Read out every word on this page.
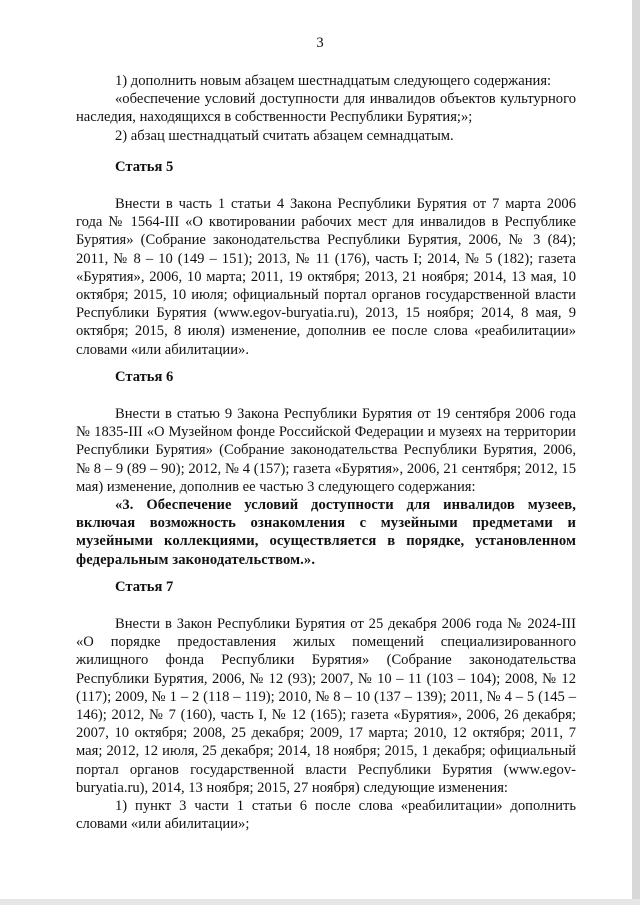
3

1) дополнить новым абзацем шестнадцатым следующего содержания:

«обеспечение условий доступности для инвалидов объектов культурного наследия, находящихся в собственности Республики Бурятия;»;

2) абзац шестнадцатый считать абзацем семнадцатым.

Статья 5

Внести в часть 1 статьи 4 Закона Республики Бурятия от 7 марта 2006 года № 1564-III «О квотировании рабочих мест для инвалидов в Республике Бурятия» (Собрание законодательства Республики Бурятия, 2006, № 3 (84); 2011, № 8 – 10 (149 – 151); 2013, № 11 (176), часть I; 2014, № 5 (182); газета «Бурятия», 2006, 10 марта; 2011, 19 октября; 2013, 21 ноября; 2014, 13 мая, 10 октября; 2015, 10 июля; официальный портал органов государственной власти Республики Бурятия (www.egov-buryatia.ru), 2013, 15 ноября; 2014, 8 мая, 9 октября; 2015, 8 июля) изменение, дополнив ее после слова «реабилитации» словами «или абилитации».

Статья 6

Внести в статью 9 Закона Республики Бурятия от 19 сентября 2006 года № 1835-III «О Музейном фонде Российской Федерации и музеях на территории Республики Бурятия» (Собрание законодательства Республики Бурятия, 2006, № 8 – 9 (89 – 90); 2012, № 4 (157); газета «Бурятия», 2006, 21 сентября; 2012, 15 мая) изменение, дополнив ее частью 3 следующего содержания:

«3. Обеспечение условий доступности для инвалидов музеев, включая возможность ознакомления с музейными предметами и музейными коллекциями, осуществляется в порядке, установленном федеральным законодательством.».

Статья 7

Внести в Закон Республики Бурятия от 25 декабря 2006 года № 2024-III «О порядке предоставления жилых помещений специализированного жилищного фонда Республики Бурятия» (Собрание законодательства Республики Бурятия, 2006, № 12 (93); 2007, № 10 – 11 (103 – 104); 2008, № 12 (117); 2009, № 1 – 2 (118 – 119); 2010, № 8 – 10 (137 – 139); 2011, № 4 – 5 (145 – 146); 2012, № 7 (160), часть I, № 12 (165); газета «Бурятия», 2006, 26 декабря; 2007, 10 октября; 2008, 25 декабря; 2009, 17 марта; 2010, 12 октября; 2011, 7 мая; 2012, 12 июля, 25 декабря; 2014, 18 ноября; 2015, 1 декабря; официальный портал органов государственной власти Республики Бурятия (www.egov-buryatia.ru), 2014, 13 ноября; 2015, 27 ноября) следующие изменения:

1) пункт 3 части 1 статьи 6 после слова «реабилитации» дополнить словами «или абилитации»;
